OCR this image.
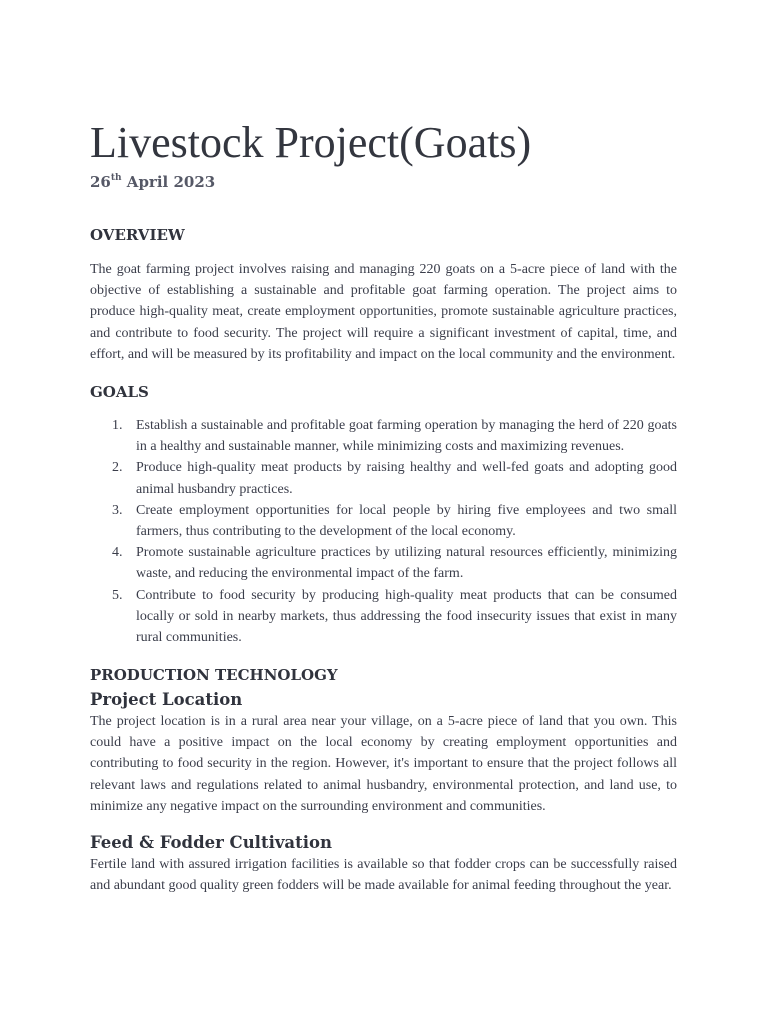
Livestock Project(Goats)

26th April 2023

OVERVIEW

The goat farming project involves raising and managing 220 goats on a 5-acre piece of land with the objective of establishing a sustainable and profitable goat farming operation. The project aims to produce high-quality meat, create employment opportunities, promote sustainable agriculture practices, and contribute to food security. The project will require a significant investment of capital, time, and effort, and will be measured by its profitability and impact on the local community and the environment.

GOALS
1. Establish a sustainable and profitable goat farming operation by managing the herd of 220 goats in a healthy and sustainable manner, while minimizing costs and maximizing revenues.
2. Produce high-quality meat products by raising healthy and well-fed goats and adopting good animal husbandry practices.
3. Create employment opportunities for local people by hiring five employees and two small farmers, thus contributing to the development of the local economy.
4. Promote sustainable agriculture practices by utilizing natural resources efficiently, minimizing waste, and reducing the environmental impact of the farm.
5. Contribute to food security by producing high-quality meat products that can be consumed locally or sold in nearby markets, thus addressing the food insecurity issues that exist in many rural communities.
PRODUCTION TECHNOLOGY
Project Location

The project location is in a rural area near your village, on a 5-acre piece of land that you own. This could have a positive impact on the local economy by creating employment opportunities and contributing to food security in the region. However, it's important to ensure that the project follows all relevant laws and regulations related to animal husbandry, environmental protection, and land use, to minimize any negative impact on the surrounding environment and communities.

Feed & Fodder Cultivation

Fertile land with assured irrigation facilities is available so that fodder crops can be successfully raised and abundant good quality green fodders will be made available for animal feeding throughout the year.
